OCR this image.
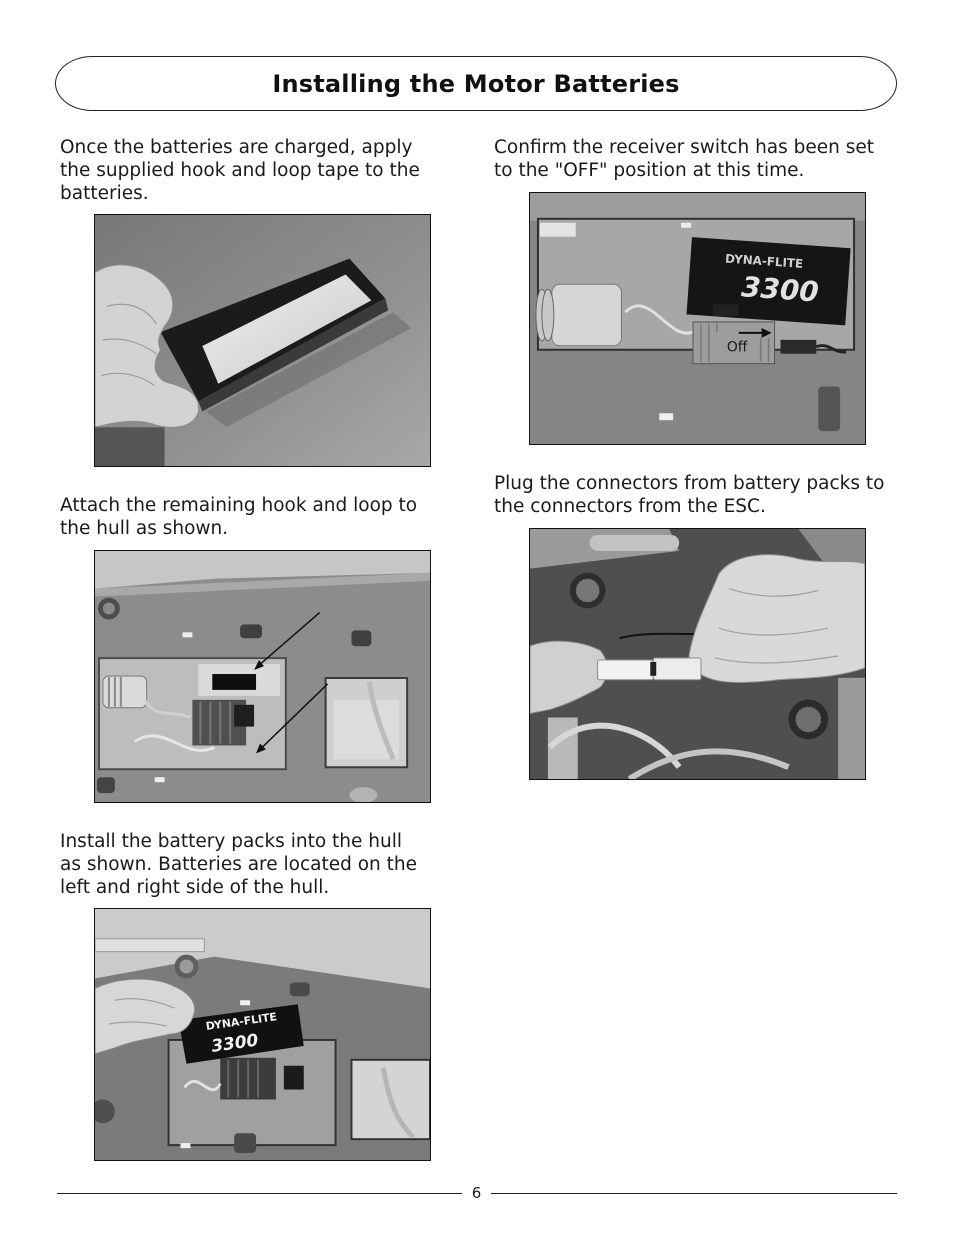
Installing the Motor Batteries
Once the batteries are charged, apply
the supplied hook and loop tape to the
batteries.
Attach the remaining hook and loop to
the hull as shown.
Install the battery packs into the hull
as shown. Batteries are located on the
left and right side of the hull.
DYNA-FLITE
3300
Confirm the receiver switch has been set
to the "OFF" position at this time.
DYNA-FLITE
3300
Off
Plug the connectors from battery packs to
the connectors from the ESC.
6
